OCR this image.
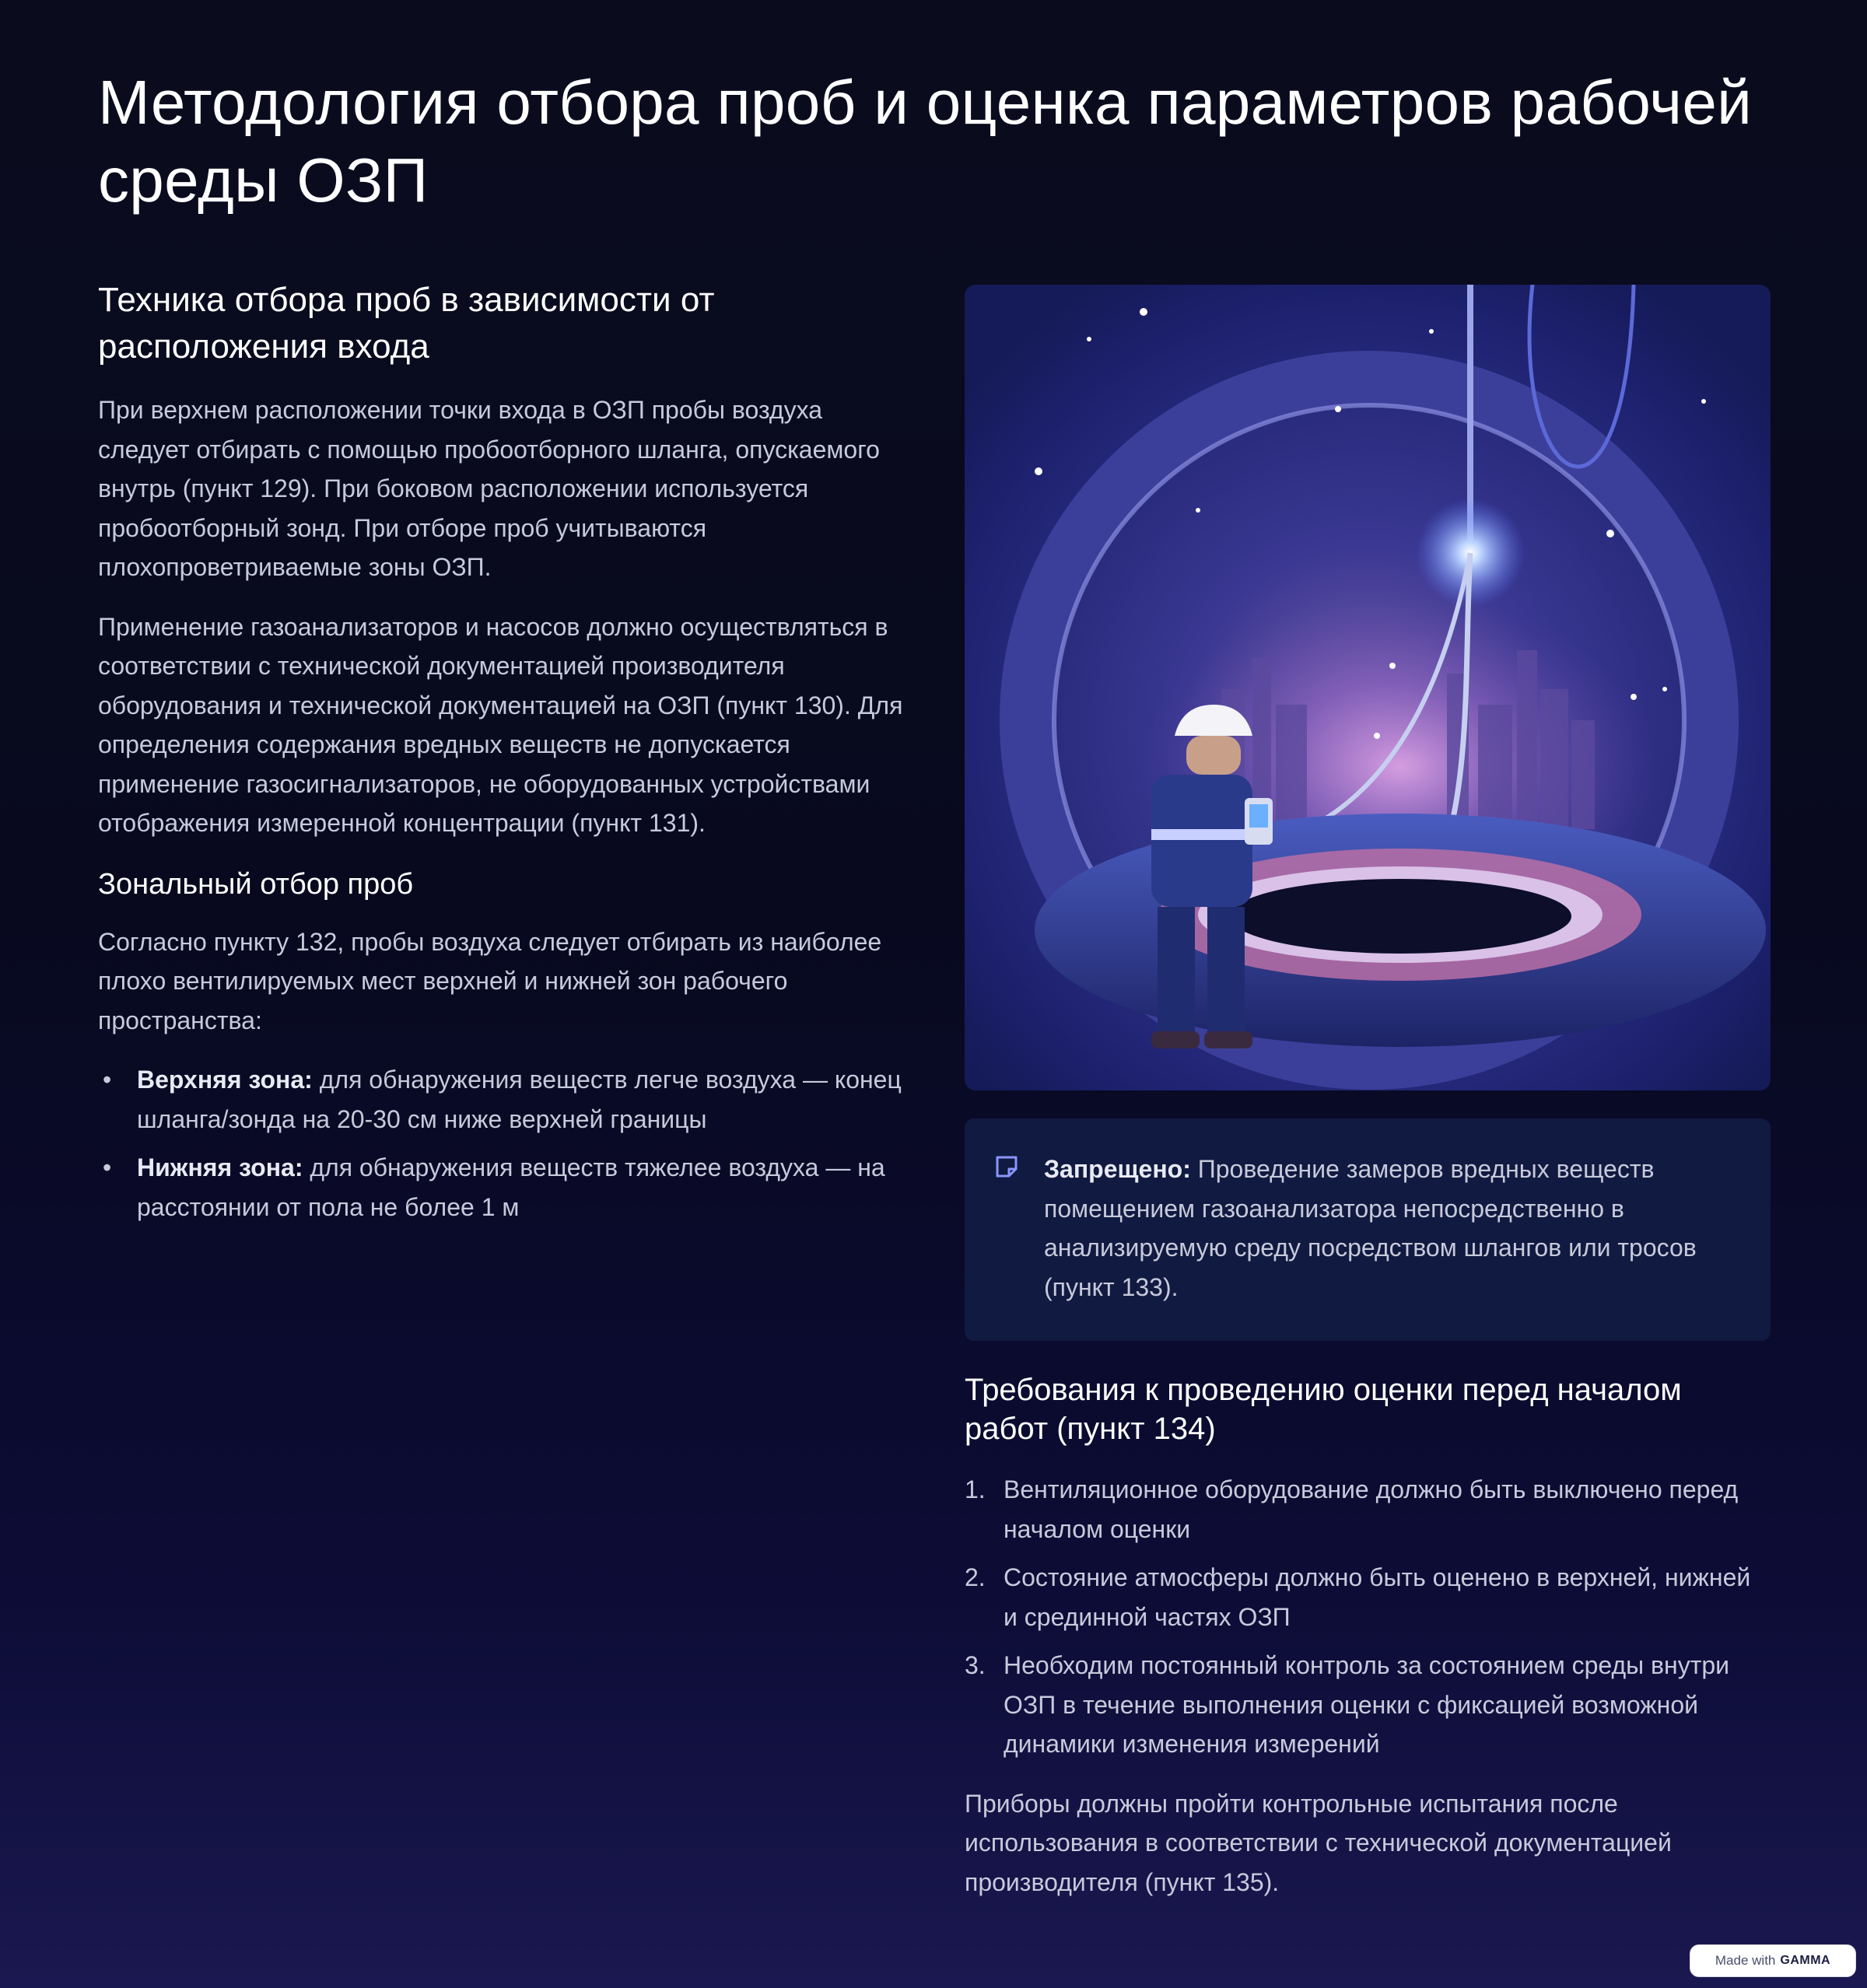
Методология отбора проб и оценка параметров рабочей среды ОЗП
Техника отбора проб в зависимости от расположения входа

При верхнем расположении точки входа в ОЗП пробы воздуха следует отбирать с помощью пробоотборного шланга, опускаемого внутрь (пункт 129). При боковом расположении используется пробоотборный зонд. При отборе проб учитываются плохопроветриваемые зоны ОЗП.

Применение газоанализаторов и насосов должно осуществляться в соответствии с технической документацией производителя оборудования и технической документацией на ОЗП (пункт 130). Для определения содержания вредных веществ не допускается применение газосигнализаторов, не оборудованных устройствами отображения измеренной концентрации (пункт 131).

Зональный отбор проб

Согласно пункту 132, пробы воздуха следует отбирать из наиболее плохо вентилируемых мест верхней и нижней зон рабочего пространства:

• Верхняя зона: для обнаружения веществ легче воздуха — конец шланга/зонда на 20-30 см ниже верхней границы
• Нижняя зона: для обнаружения веществ тяжелее воздуха — на расстоянии от пола не более 1 м

Запрещено: Проведение замеров вредных веществ помещением газоанализатора непосредственно в анализируемую среду посредством шлангов или тросов (пункт 133).

Требования к проведению оценки перед началом работ (пункт 134)
1. Вентиляционное оборудование должно быть выключено перед началом оценки
2. Состояние атмосферы должно быть оценено в верхней, нижней и срединной частях ОЗП
3. Необходим постоянный контроль за состоянием среды внутри ОЗП в течение выполнения оценки с фиксацией возможной динамики изменения измерений

Приборы должны пройти контрольные испытания после использования в соответствии с технической документацией производителя (пункт 135).

Made with GAMMA
